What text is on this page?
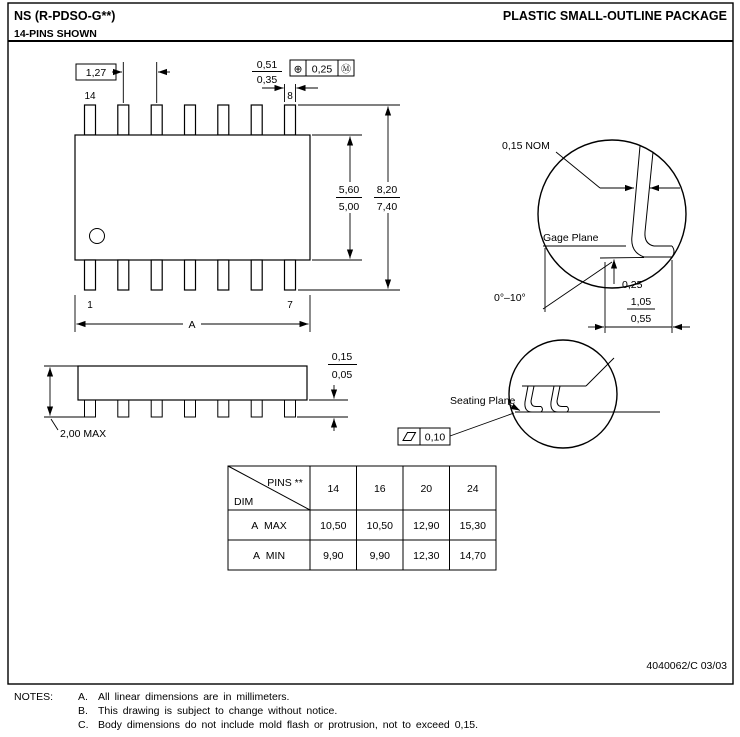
NS (R-PDSO-G**)	PLASTIC SMALL-OUTLINE PACKAGE
14-PINS SHOWN
14	8
1	7
1,27
0,51
0,35
⊕ 0,25 Ⓜ
5,60
5,00
8,20
7,40
A
Gage Plane
0,15 NOM
0,25
0°–10°	1,05
0,55
2,00 MAX
0,15
0,05
Seating Plane
0,10
PINS **
DIM
14	16	20	24
A  MAX	10,50 10,50 12,90 15,30
A  MIN	9,90 9,90 12,30 14,70
4040062/C 03/03
NOTES: A. All linear dimensions are in millimeters.
B. This drawing is subject to change without notice.
C. Body dimensions do not include mold flash or protrusion, not to exceed 0,15.
